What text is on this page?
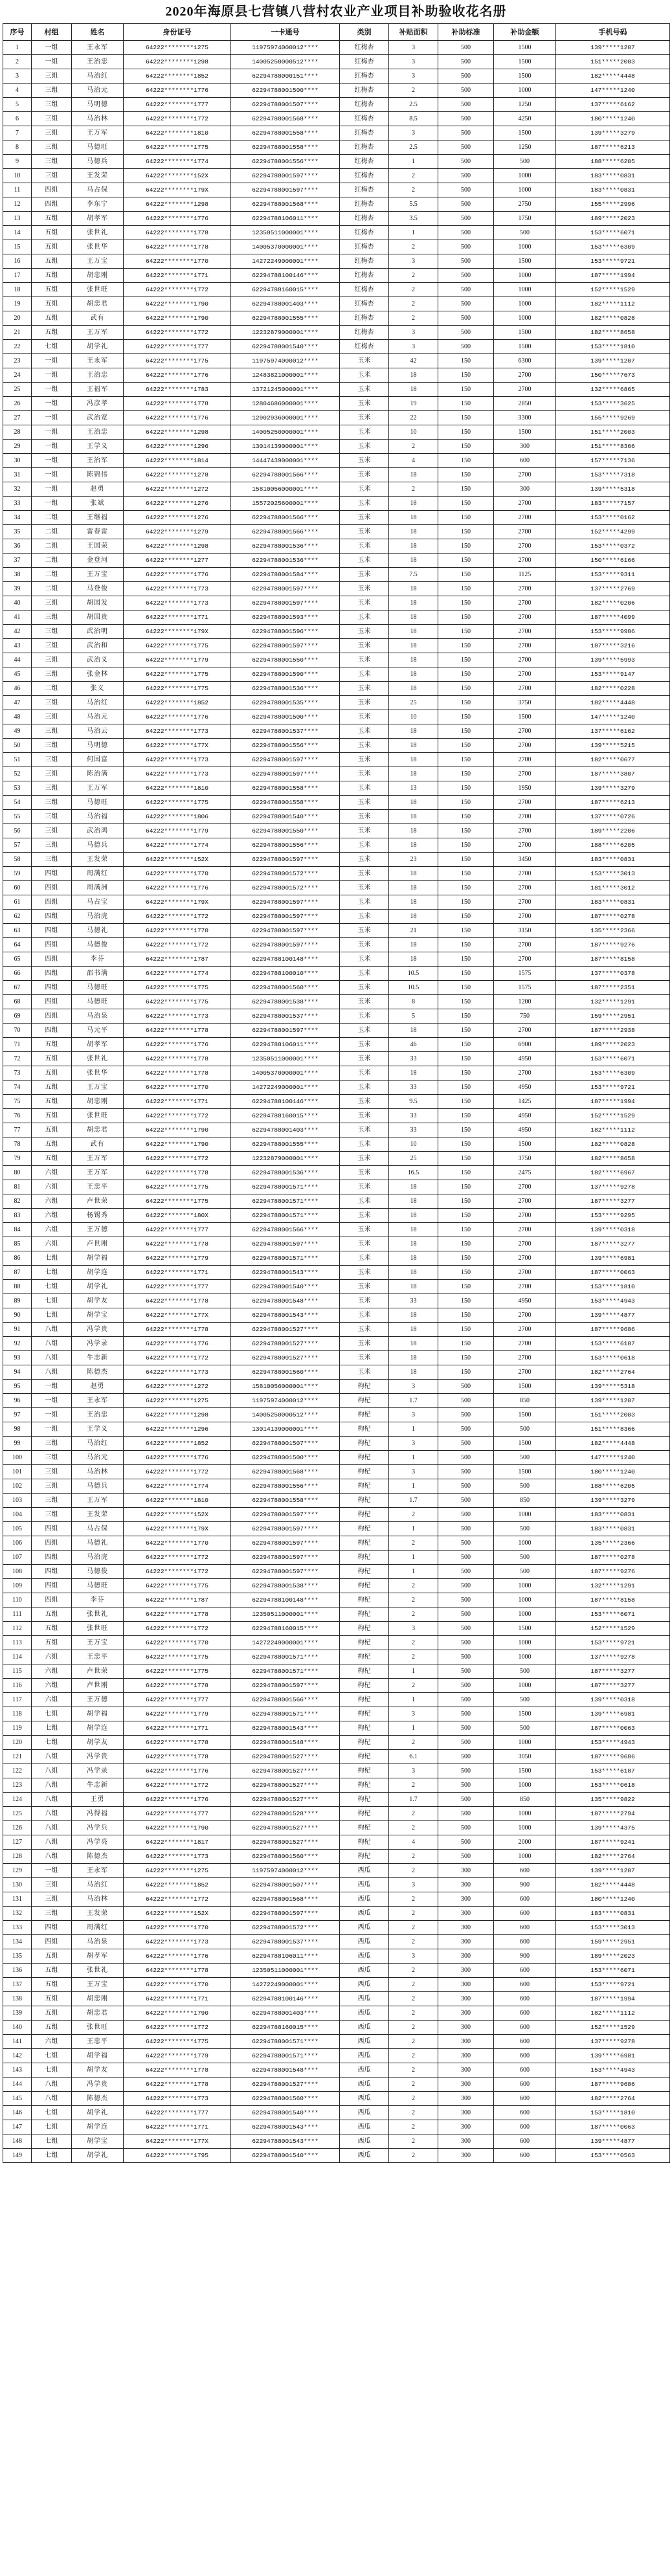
2020年海原县七营镇八营村农业产业项目补助验收花名册
序号	村组	姓名	身份证号	一卡通号	类别	补贴面积	补助标准	补助金额	手机号码
1	一组	王永军	64222********1275	11975974000012****	红梅杏	3	500	1500	139*****1207
2	一组	王治忠	64222********1298	14005250000512****	红梅杏	3	500	1500	151*****2003
3	三组	马治红	64222********1852	62294788000151****	红梅杏	3	500	1500	182*****4448
4	三组	马治元	64222********1776	62294788001500****	红梅杏	2	500	1000	147*****1240
5	三组	马明德	64222********1777	62294788001507****	红梅杏	2.5	500	1250	137*****6162
6	三组	马治林	64222********1772	62294788001568****	红梅杏	8.5	500	4250	180*****1240
7	三组	王万军	64222********1810	62294788001558****	红梅杏	3	500	1500	139*****3279
8	三组	马德旺	64222********1775	62294788001558****	红梅杏	2.5	500	1250	187*****6213
9	三组	马德兵	64222********1774	62294788001556****	红梅杏	1	500	500	188*****6205
10	三组	王发荣	64222********152X	62294788001597****	红梅杏	2	500	1000	183*****0831
11	四组	马占保	64222********179X	62294788001597****	红梅杏	2	500	1000	183*****0831
12	四组	李东宁	64222********1298	62294788001568****	红梅杏	5.5	500	2750	155*****2996
13	五组	胡孝军	64222********1776	62294788106011****	红梅杏	3.5	500	1750	189*****2023
14	五组	张世礼	64222********1778	12350511000001****	红梅杏	1	500	500	153*****6071
15	五组	张世华	64222********1778	14005370000001****	红梅杏	2	500	1000	153*****6309
16	五组	王万宝	64222********1770	14272249000001****	红梅杏	3	500	1500	153*****9721
17	五组	胡忠刚	64222********1771	62294788100146****	红梅杏	2	500	1000	187*****1994
18	五组	张世旺	64222********1772	62294788160015****	红梅杏	2	500	1000	152*****1529
19	五组	胡忠君	64222********1790	62294788001403****	红梅杏	2	500	1000	182*****1112
20	五组	武有	64222********1790	62294788001555****	红梅杏	2	500	1000	182*****0828
21	五组	王万军	64222********1772	12232879000001****	红梅杏	3	500	1500	182*****8658
22	七组	胡学礼	64222********1777	62294788001540****	红梅杏	3	500	1500	153*****1810
23	一组	王永军	64222********1775	11975974000012****	玉米	42	150	6300	139*****1207
24	一组	王治忠	64222********1776	12483821000001****	玉米	18	150	2700	150*****7673
25	一组	王福军	64222********1783	13721245000001****	玉米	18	150	2700	132*****6865
26	一组	冯彦孝	64222********1778	12804686000001****	玉米	19	150	2850	153*****3625
27	一组	武治宽	64222********1776	12902936000001****	玉米	22	150	3300	155*****9269
28	一组	王治忠	64222********1298	14005250000001****	玉米	10	150	1500	151*****2003
29	一组	王学义	64222********1296	13014139000001****	玉米	2	150	300	151*****8366
30	一组	王治军	64222********1814	14447439000001****	玉米	4	150	600	157*****7136
31	一组	陈锦伟	64222********1278	62294788001566****	玉米	18	150	2700	153*****7318
32	一组	赵勇	64222********1272	15810056000001****	玉米	2	150	300	139*****5318
33	一组	张斌	64222********1276	15572025600001****	玉米	18	150	2700	183*****7157
34	二组	王继福	64222********1276	62294788001566****	玉米	18	150	2700	153*****0162
35	二组	雷春雷	64222********1279	62294788001566****	玉米	18	150	2700	152*****4299
36	二组	王国荣	64222********1298	62294788001536****	玉米	18	150	2700	153*****0372
37	二组	金登河	64222********1277	62294788001536****	玉米	18	150	2700	150*****6166
38	二组	王万宝	64222********1776	62294788001584****	玉米	7.5	150	1125	153*****9311
39	二组	马登俊	64222********1773	62294788001597****	玉米	18	150	2700	137*****2769
40	三组	胡国发	64222********1773	62294788001597****	玉米	18	150	2700	182*****0206
41	三组	胡国贵	64222********1771	62294788001593****	玉米	18	150	2700	187*****4099
42	三组	武治明	64222********179X	62294788001596****	玉米	18	150	2700	153*****9986
43	三组	武治和	64222********1775	62294788001597****	玉米	18	150	2700	187*****3216
44	三组	武治义	64222********1779	62294788001550****	玉米	18	150	2700	139*****5993
45	三组	张金林	64222********1775	62294788001590****	玉米	18	150	2700	153*****9147
46	二组	张义	64222********1775	62294788001536****	玉米	18	150	2700	182*****0228
47	三组	马治红	64222********1852	62294788001535****	玉米	25	150	3750	182*****4448
48	三组	马治元	64222********1776	62294788001500****	玉米	10	150	1500	147*****1240
49	三组	马治云	64222********1773	62294788001537****	玉米	18	150	2700	137*****6162
50	三组	马明德	64222********177X	62294788001556****	玉米	18	150	2700	139*****5215
51	三组	何国富	64222********1773	62294788001597****	玉米	18	150	2700	182*****0677
52	三组	陈治满	64222********1773	62294788001597****	玉米	18	150	2700	187*****3807
53	三组	王万军	64222********1810	62294788001558****	玉米	13	150	1950	139*****3279
54	三组	马德旺	64222********1775	62294788001558****	玉米	18	150	2700	187*****6213
55	三组	马治福	64222********1806	62294788001540****	玉米	18	150	2700	137*****0726
56	三组	武治鸿	64222********1779	62294788001550****	玉米	18	150	2700	189*****2206
57	三组	马德兵	64222********1774	62294788001556****	玉米	18	150	2700	188*****6205
58	三组	王发荣	64222********152X	62294788001597****	玉米	23	150	3450	183*****0831
59	四组	周满红	64222********1770	62294788001572****	玉米	18	150	2700	153*****3013
60	四组	周满洲	64222********1776	62294788001572****	玉米	18	150	2700	181*****3012
61	四组	马占宝	64222********179X	62294788001597****	玉米	18	150	2700	183*****0831
62	四组	马治虎	64222********1772	62294788001597****	玉米	18	150	2700	187*****0278
63	四组	马德礼	64222********1770	62294788001597****	玉米	21	150	3150	135*****2366
64	四组	马德俊	64222********1772	62294788001597****	玉米	18	150	2700	187*****9276
65	四组	李芬	64222********1787	62294788100148****	玉米	18	150	2700	187*****8158
66	四组	邵书满	64222********1774	62294788100010****	玉米	10.5	150	1575	137*****0378
67	四组	马德旺	64222********1775	62294788001560****	玉米	10.5	150	1575	187*****2351
68	四组	马德旺	64222********1775	62294788001538****	玉米	8	150	1200	132*****1291
69	四组	马治泉	64222********1773	62294788001537****	玉米	5	150	750	159*****2951
70	四组	马元平	64222********1778	62294788001597****	玉米	18	150	2700	187*****2938
71	五组	胡孝军	64222********1776	62294788106011****	玉米	46	150	6900	189*****2023
72	五组	张世礼	64222********1778	12350511000001****	玉米	33	150	4950	153*****6071
73	五组	张世华	64222********1778	14005370000001****	玉米	18	150	2700	153*****6309
74	五组	王万宝	64222********1770	14272249000001****	玉米	33	150	4950	153*****9721
75	五组	胡忠刚	64222********1771	62294788100146****	玉米	9.5	150	1425	187*****1994
76	五组	张世旺	64222********1772	62294788160015****	玉米	33	150	4950	152*****1529
77	五组	胡忠君	64222********1790	62294788001403****	玉米	33	150	4950	182*****1112
78	五组	武有	64222********1790	62294788001555****	玉米	10	150	1500	182*****0828
79	五组	王万军	64222********1772	12232879000001****	玉米	25	150	3750	182*****8658
80	六组	王万军	64222********1778	62294788001536****	玉米	16.5	150	2475	182*****6967
81	六组	王忠平	64222********1775	62294788001571****	玉米	18	150	2700	137*****9278
82	六组	卢世荣	64222********1775	62294788001571****	玉米	18	150	2700	187*****3277
83	六组	杨锡秀	64222********180X	62294788001571****	玉米	18	150	2700	153*****9295
84	六组	王万德	64222********1777	62294788001566****	玉米	18	150	2700	139*****0318
85	六组	卢世刚	64222********1778	62294788001597****	玉米	18	150	2700	187*****3277
86	七组	胡学福	64222********1779	62294788001571****	玉米	18	150	2700	139*****6981
87	七组	胡学连	64222********1771	62294788001543****	玉米	18	150	2700	187*****0063
88	七组	胡学礼	64222********1777	62294788001540****	玉米	18	150	2700	153*****1810
89	七组	胡学友	64222********1778	62294788001548****	玉米	33	150	4950	153*****4943
90	七组	胡学宝	64222********177X	62294788001543****	玉米	18	150	2700	139*****4877
91	八组	冯学贵	64222********1778	62294788001527****	玉米	18	150	2700	187*****9686
92	八组	冯学录	64222********1776	62294788001527****	玉米	18	150	2700	153*****6187
93	八组	牛志新	64222********1772	62294788001527****	玉米	18	150	2700	153*****0618
94	八组	陈德杰	64222********1773	62294788001560****	玉米	18	150	2700	182*****2764
95	一组	赵勇	64222********1272	15810056000001****	枸杞	3	500	1500	139*****5318
96	一组	王永军	64222********1275	11975974000012****	枸杞	1.7	500	850	139*****1207
97	一组	王治忠	64222********1298	14005250000512****	枸杞	3	500	1500	151*****2003
98	一组	王学义	64222********1296	13014139000001****	枸杞	1	500	500	151*****8366
99	三组	马治红	64222********1852	62294788001507****	枸杞	3	500	1500	182*****4448
100	三组	马治元	64222********1776	62294788001500****	枸杞	1	500	500	147*****1240
101	三组	马治林	64222********1772	62294788001568****	枸杞	3	500	1500	180*****1240
102	三组	马德兵	64222********1774	62294788001556****	枸杞	1	500	500	188*****6205
103	三组	王万军	64222********1810	62294788001558****	枸杞	1.7	500	850	139*****3279
104	三组	王发荣	64222********152X	62294788001597****	枸杞	2	500	1000	183*****0831
105	四组	马占保	64222********179X	62294788001597****	枸杞	1	500	500	183*****0831
106	四组	马德礼	64222********1770	62294788001597****	枸杞	2	500	1000	135*****2366
107	四组	马治虎	64222********1772	62294788001597****	枸杞	1	500	500	187*****0278
108	四组	马德俊	64222********1772	62294788001597****	枸杞	1	500	500	187*****9276
109	四组	马德旺	64222********1775	62294788001538****	枸杞	2	500	1000	132*****1291
110	四组	李芬	64222********1787	62294788100148****	枸杞	2	500	1000	187*****8158
111	五组	张世礼	64222********1778	12350511000001****	枸杞	2	500	1000	153*****6071
112	五组	张世旺	64222********1772	62294788160015****	枸杞	3	500	1500	152*****1529
113	五组	王万宝	64222********1770	14272249000001****	枸杞	2	500	1000	153*****9721
114	六组	王忠平	64222********1775	62294788001571****	枸杞	2	500	1000	137*****9278
115	六组	卢世荣	64222********1775	62294788001571****	枸杞	1	500	500	187*****3277
116	六组	卢世刚	64222********1778	62294788001597****	枸杞	2	500	1000	187*****3277
117	六组	王万德	64222********1777	62294788001566****	枸杞	1	500	500	139*****0318
118	七组	胡学福	64222********1779	62294788001571****	枸杞	3	500	1500	139*****6981
119	七组	胡学连	64222********1771	62294788001543****	枸杞	1	500	500	187*****0063
120	七组	胡学友	64222********1778	62294788001548****	枸杞	2	500	1000	153*****4943
121	八组	冯学贵	64222********1778	62294788001527****	枸杞	6.1	500	3050	187*****9686
122	八组	冯学录	64222********1776	62294788001527****	枸杞	3	500	1500	153*****6187
123	八组	牛志新	64222********1772	62294788001527****	枸杞	2	500	1000	153*****0618
124	八组	王勇	64222********1776	62294788001527****	枸杞	1.7	500	850	135*****9822
125	八组	冯得福	64222********1777	62294788001528****	枸杞	2	500	1000	187*****2794
126	八组	冯学兵	64222********1790	62294788001527****	枸杞	2	500	1000	139*****4375
127	八组	冯学亮	64222********1817	62294788001527****	枸杞	4	500	2000	187*****9241
128	八组	陈德杰	64222********1773	62294788001560****	枸杞	2	500	1000	182*****2764
129	一组	王永军	64222********1275	11975974000012****	西瓜	2	300	600	139*****1207
130	三组	马治红	64222********1852	62294788001507****	西瓜	3	300	900	182*****4448
131	三组	马治林	64222********1772	62294788001568****	西瓜	2	300	600	180*****1240
132	三组	王发荣	64222********152X	62294788001597****	西瓜	2	300	600	183*****0831
133	四组	周满红	64222********1770	62294788001572****	西瓜	2	300	600	153*****3013
134	四组	马治泉	64222********1773	62294788001537****	西瓜	2	300	600	159*****2951
135	五组	胡孝军	64222********1776	62294788106011****	西瓜	3	300	900	189*****2023
136	五组	张世礼	64222********1778	12350511000001****	西瓜	2	300	600	153*****6071
137	五组	王万宝	64222********1770	14272249000001****	西瓜	2	300	600	153*****9721
138	五组	胡忠刚	64222********1771	62294788100146****	西瓜	2	300	600	187*****1994
139	五组	胡忠君	64222********1790	62294788001403****	西瓜	2	300	600	182*****1112
140	五组	张世旺	64222********1772	62294788160015****	西瓜	2	300	600	152*****1529
141	六组	王忠平	64222********1775	62294788001571****	西瓜	2	300	600	137*****9278
142	七组	胡学福	64222********1779	62294788001571****	西瓜	2	300	600	139*****6981
143	七组	胡学友	64222********1778	62294788001548****	西瓜	2	300	600	153*****4943
144	八组	冯学贵	64222********1778	62294788001527****	西瓜	2	300	600	187*****9686
145	八组	陈德杰	64222********1773	62294788001560****	西瓜	2	300	600	182*****2764
146	七组	胡学礼	64222********1777	62294788001540****	西瓜	2	300	600	153*****1810
147	七组	胡学连	64222********1771	62294788001543****	西瓜	2	300	600	187*****0063
148	七组	胡学宝	64222********177X	62294788001543****	西瓜	2	300	600	139*****4877
149	七组	胡学礼	64222********1795	62294788001540****	西瓜	2	300	600	153*****0563
